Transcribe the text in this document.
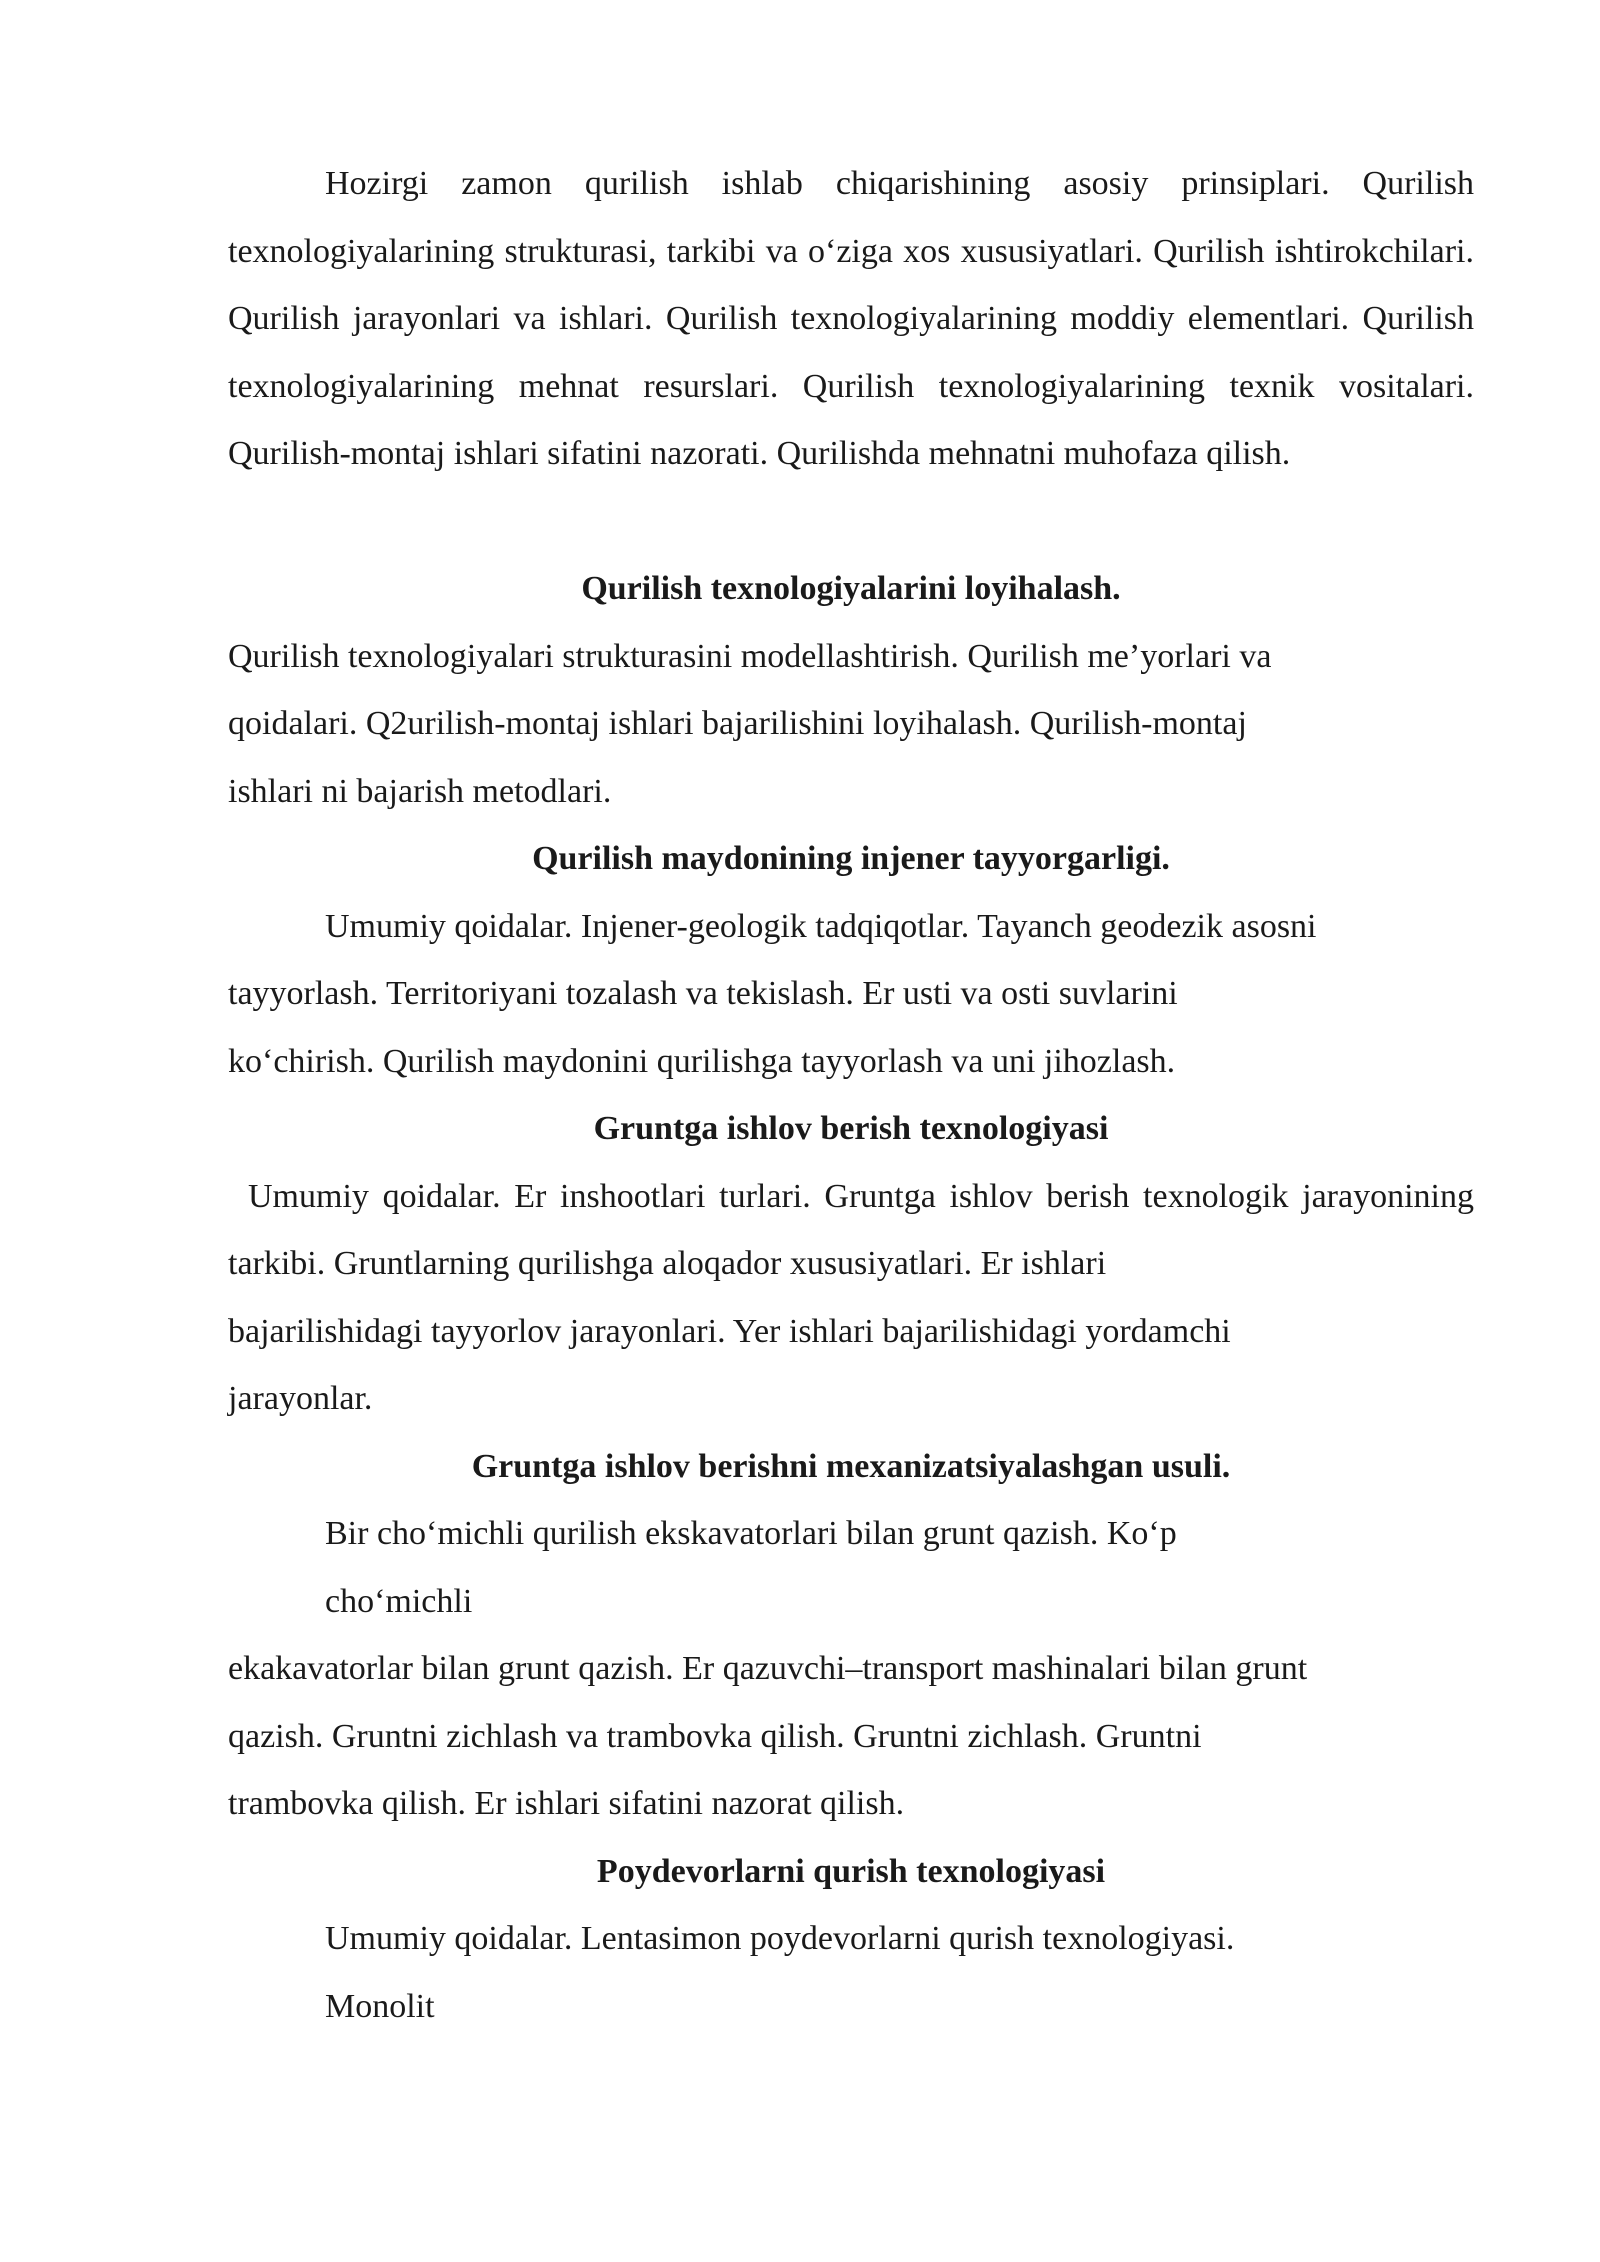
Hozirgi zamon qurilish ishlab chiqarishining asosiy prinsiplari. Qurilish texnologiyalarining strukturasi, tarkibi va o‘ziga xos xususiyatlari. Qurilish ishtirokchilari. Qurilish jarayonlari va ishlari. Qurilish texnologiyalarining moddiy elementlari. Qurilish texnologiyalarining mehnat resurslari. Qurilish texnologiyalarining texnik vositalari. Qurilish-montaj ishlari sifatini nazorati. Qurilishda mehnatni muhofaza qilish.

Qurilish texnologiyalarini loyihalash.

Qurilish texnologiyalari strukturasini modellashtirish. Qurilish me’yorlari va

qoidalari. Q2urilish-montaj ishlari bajarilishini loyihalash. Qurilish-montaj

ishlari ni bajarish metodlari.

Qurilish maydonining injener tayyorgarligi.

Umumiy qoidalar. Injener-geologik tadqiqotlar. Tayanch geodezik asosni

tayyorlash. Territoriyani tozalash va tekislash. Er usti va osti suvlarini

ko‘chirish. Qurilish maydonini qurilishga tayyorlash va uni jihozlash.

Gruntga ishlov berish texnologiyasi

Umumiy qoidalar. Er inshootlari turlari. Gruntga ishlov berish texnologik jarayonining tarkibi. Gruntlarning qurilishga aloqador xususiyatlari. Er ishlari

bajarilishidagi tayyorlov jarayonlari. Yer ishlari bajarilishidagi yordamchi

jarayonlar.

Gruntga ishlov berishni mexanizatsiyalashgan usuli.

Bir cho‘michli qurilish ekskavatorlari bilan grunt qazish. Ko‘p

cho‘michli

ekakavatorlar bilan grunt qazish. Er qazuvchi–transport mashinalari bilan grunt

qazish. Gruntni zichlash va trambovka qilish. Gruntni zichlash. Gruntni

trambovka qilish. Er ishlari sifatini nazorat qilish.

Poydevorlarni qurish texnologiyasi

Umumiy qoidalar. Lentasimon poydevorlarni qurish texnologiyasi.

Monolit
